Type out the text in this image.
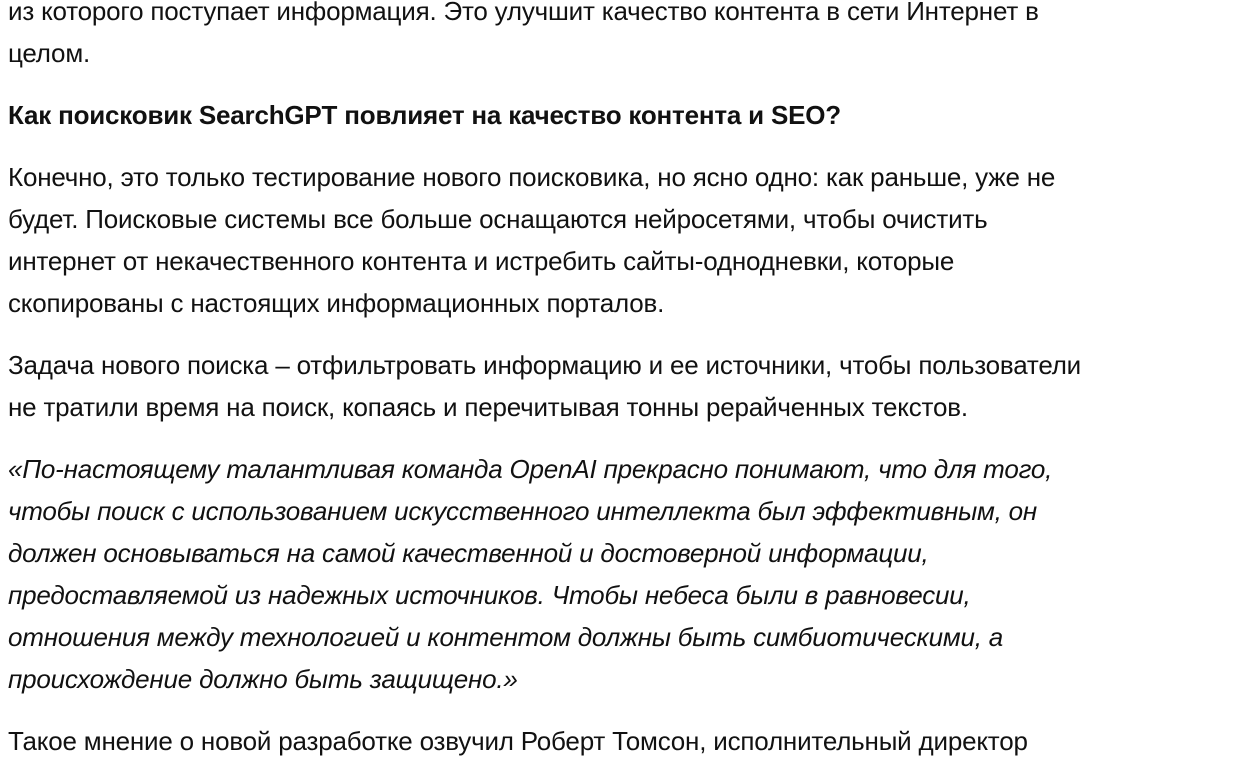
из которого поступает информация. Это улучшит качество контента в сети Интернет в
целом.

Как поисковик SearchGPT повлияет на качество контента и SEO?

Конечно, это только тестирование нового поисковика, но ясно одно: как раньше, уже не
будет. Поисковые системы все больше оснащаются нейросетями, чтобы очистить
интернет от некачественного контента и истребить сайты-однодневки, которые
скопированы с настоящих информационных порталов.

Задача нового поиска – отфильтровать информацию и ее источники, чтобы пользователи
не тратили время на поиск, копаясь и перечитывая тонны рерайченных текстов.

«По-настоящему талантливая команда OpenAI прекрасно понимают, что для того,
чтобы поиск с использованием искусственного интеллекта был эффективным, он
должен основываться на самой качественной и достоверной информации,
предоставляемой из надежных источников. Чтобы небеса были в равновесии,
отношения между технологией и контентом должны быть симбиотическими, а
происхождение должно быть защищено.»

Такое мнение о новой разработке озвучил Роберт Томсон, исполнительный директор
